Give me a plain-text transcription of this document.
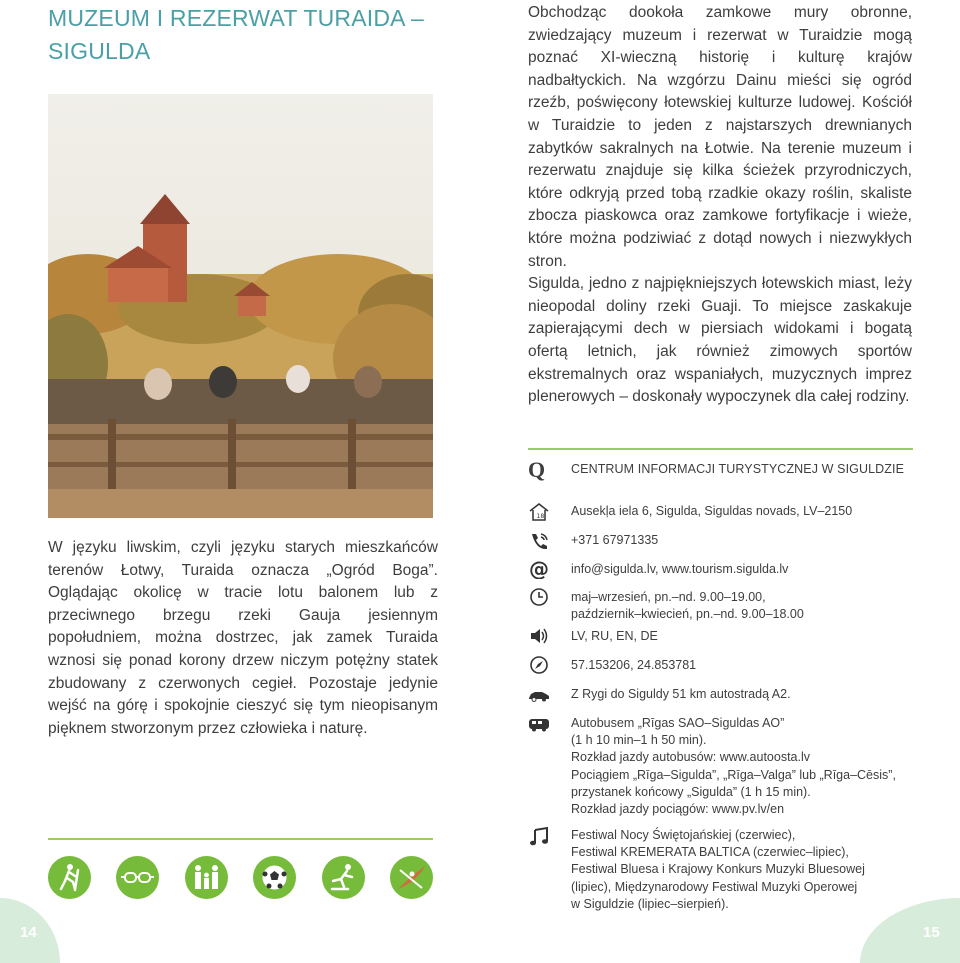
MUZEUM I REZERWAT TURAIDA – SIGULDA
W języku liwskim, czyli języku starych mieszkańców terenów Łotwy, Turaida oznacza „Ogród Boga”. Oglądając okolicę w tracie lotu balonem lub z przeciwnego brzegu rzeki Gauja jesiennym popołudniem, można dostrzec, jak zamek Turaida wznosi się ponad korony drzew niczym potężny statek zbudowany z czerwonych cegieł. Pozostaje jedynie wejść na górę i spokojnie cieszyć się tym nieopisanym pięknem stworzonym przez człowieka i naturę.
14	15

Obchodząc dookoła zamkowe mury obronne, zwiedzający muzeum i rezerwat w Turaidzie mogą poznać XI-wieczną historię i kulturę krajów nadbałtyckich. Na wzgórzu Dainu mieści się ogród rzeźb, poświęcony łotewskiej kulturze ludowej. Kościół w Turaidzie to jeden z najstarszych drewnianych zabytków sakralnych na Łotwie. Na terenie muzeum i rezerwatu znajduje się kilka ścieżek przyrodniczych, które odkryją przed tobą rzadkie okazy roślin, skaliste zbocza piaskowca oraz zamkowe fortyfikacje i wieże, które można podziwiać z dotąd nowych i niezwykłych stron.

Sigulda, jedno z najpiękniejszych łotewskich miast, leży nieopodal doliny rzeki Guaji. To miejsce zaskakuje zapierającymi dech w piersiach widokami i bogatą ofertą letnich, jak również zimowych sportów ekstremalnych oraz wspaniałych, muzycznych imprez plenerowych – doskonały wypoczynek dla całej rodziny.

Q CENTRUM INFORMACJI TURYSTYCZNEJ W SIGULDZIE
18 Ausekļa iela 6, Sigulda, Siguldas novads, LV–2150
+371 67971335
@ info@sigulda.lv, www.tourism.sigulda.lv
maj–wrzesień, pn.–nd. 9.00–19.00,
październik–kwiecień, pn.–nd. 9.00–18.00
LV, RU, EN, DE
57.153206, 24.853781
Z Rygi do Siguldy 51 km autostradą A2.
Autobusem „Rīgas SAO–Siguldas AO”
(1 h 10 min–1 h 50 min).
Rozkład jazdy autobusów: www.autoosta.lv
Pociągiem „Rīga–Sigulda”, „Rīga–Valga” lub „Rīga–Cēsis”,
przystanek końcowy „Sigulda” (1 h 15 min).
Rozkład jazdy pociągów: www.pv.lv/en
Festiwal Nocy Świętojańskiej (czerwiec),
Festiwal KREMERATA BALTICA (czerwiec–lipiec),
Festiwal Bluesa i Krajowy Konkurs Muzyki Bluesowej
(lipiec), Międzynarodowy Festiwal Muzyki Operowej
w Siguldzie (lipiec–sierpień).
